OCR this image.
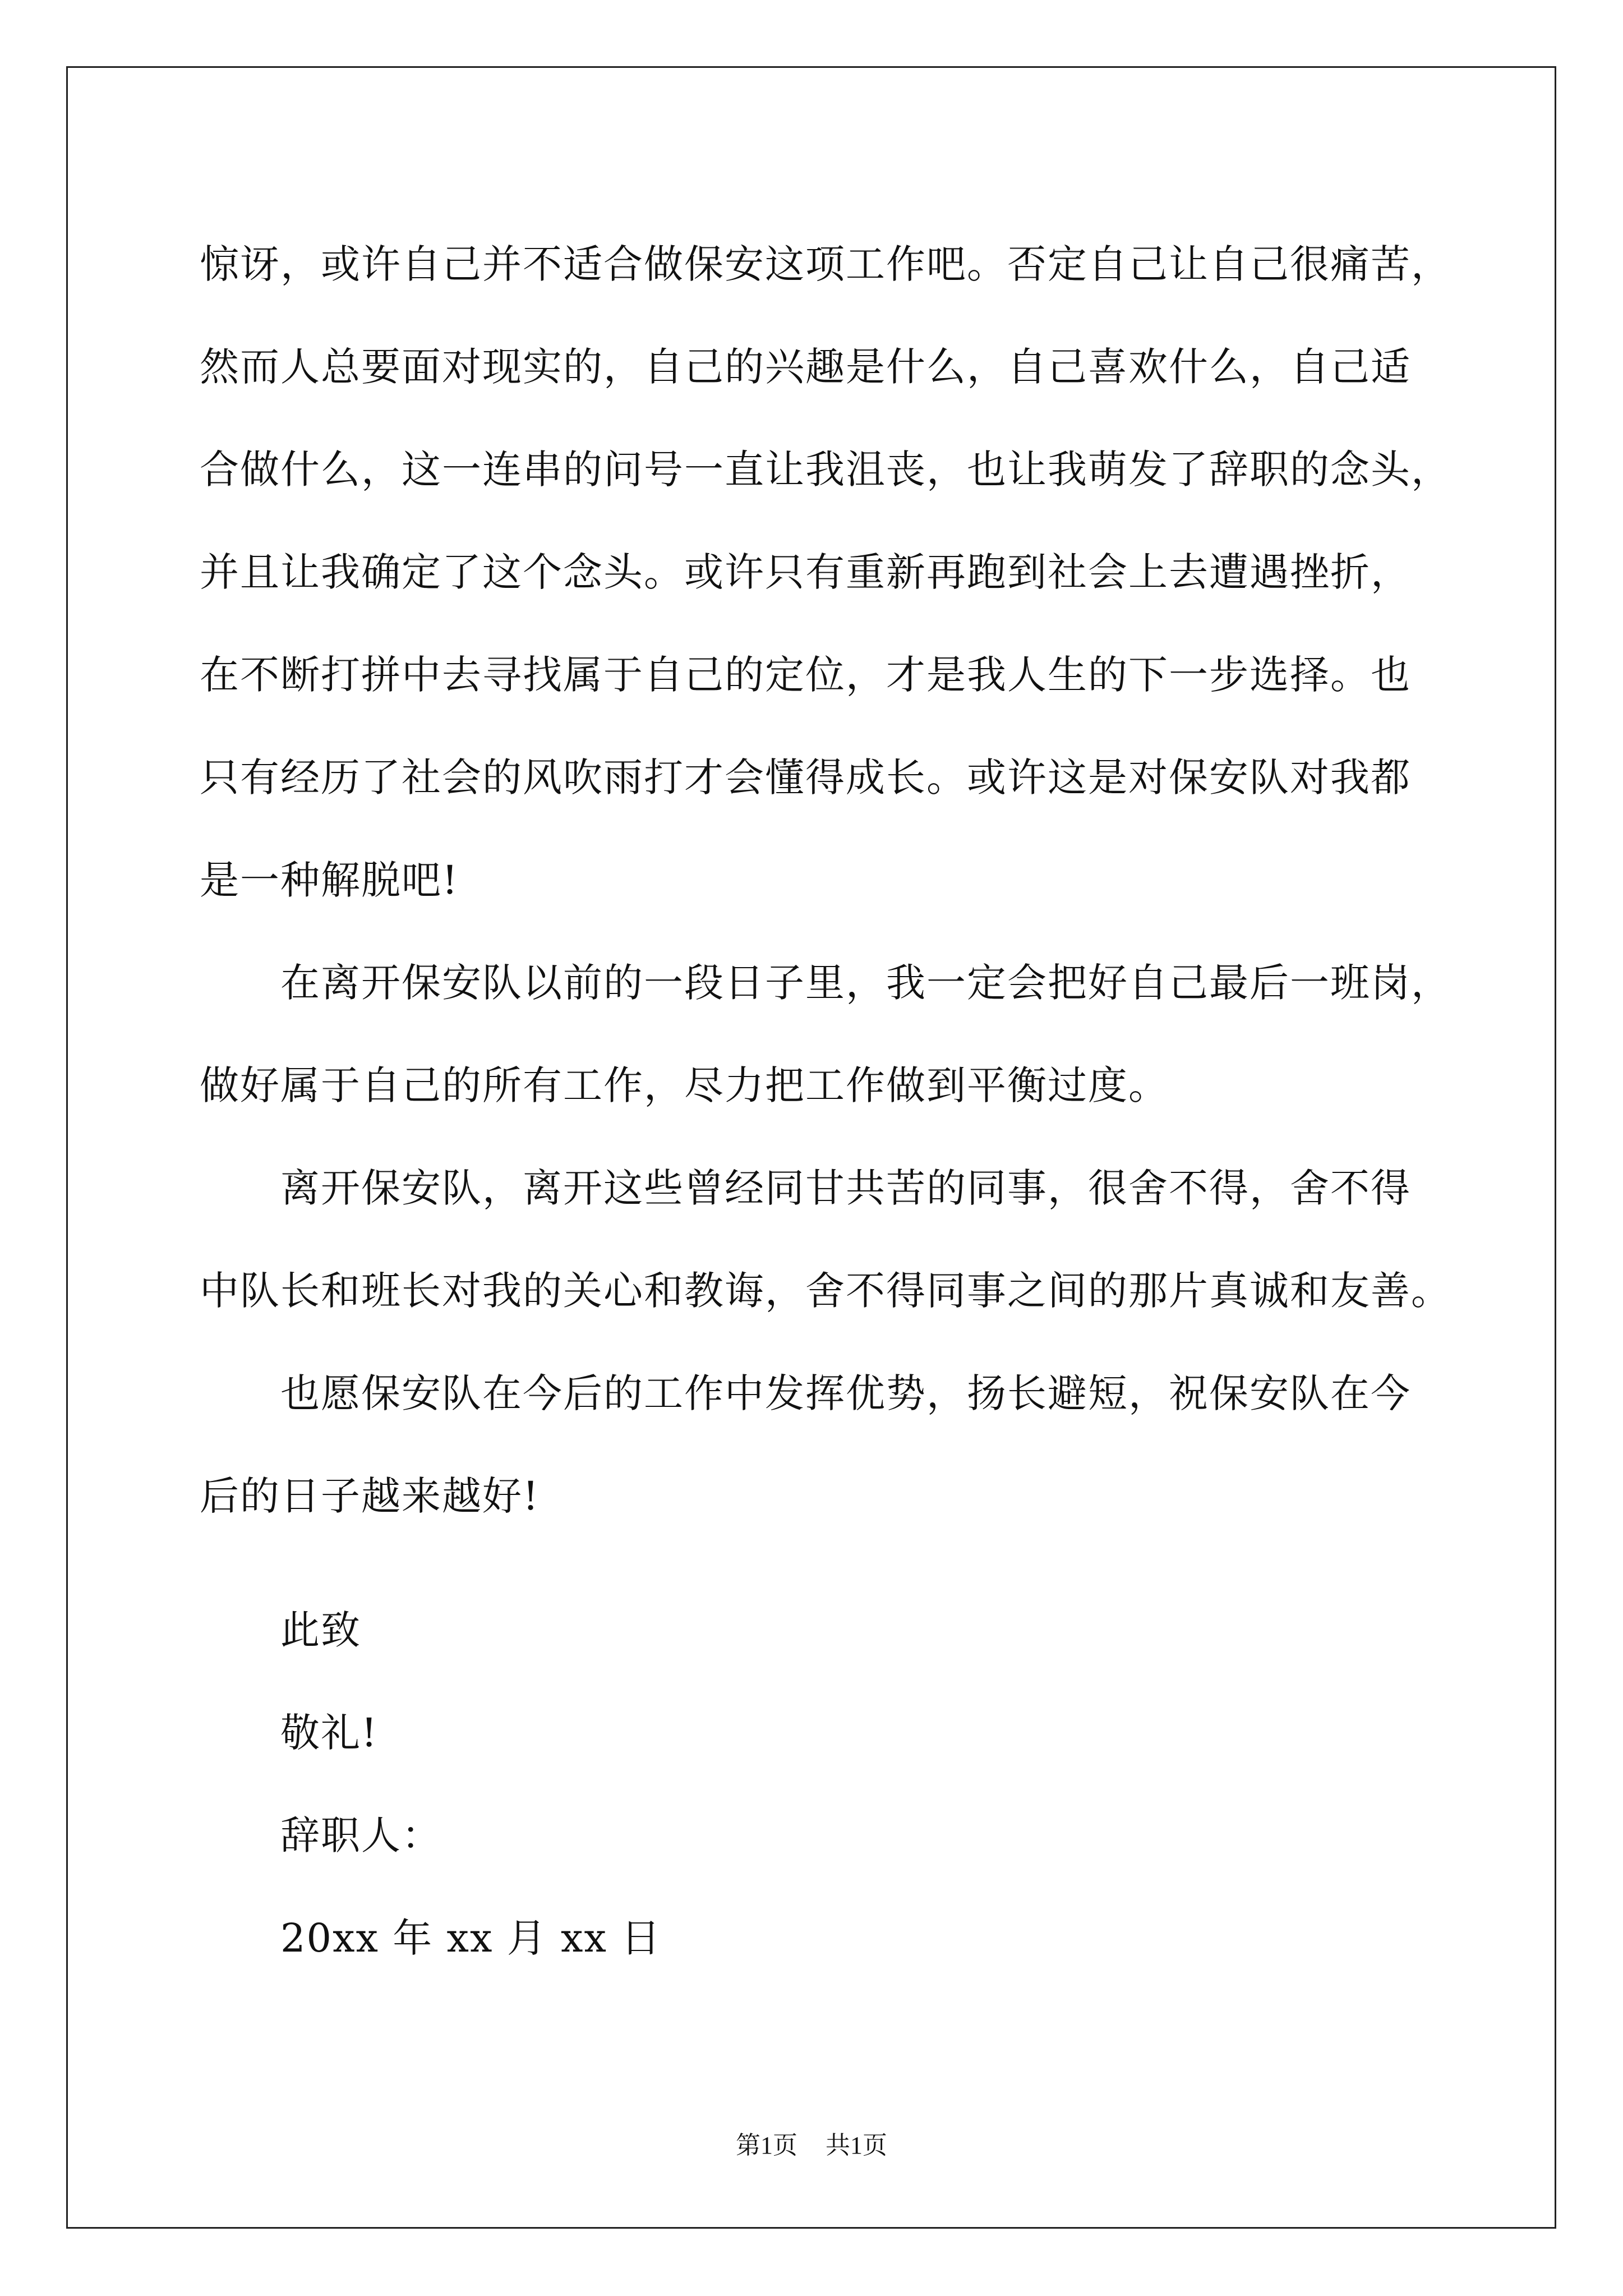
惊讶，或许自己并不适合做保安这项工作吧。否定自己让自己很痛苦，
然而人总要面对现实的，自己的兴趣是什么，自己喜欢什么，自己适
合做什么，这一连串的问号一直让我沮丧，也让我萌发了辞职的念头，
并且让我确定了这个念头。或许只有重新再跑到社会上去遭遇挫折，
在不断打拼中去寻找属于自己的定位，才是我人生的下一步选择。也
只有经历了社会的风吹雨打才会懂得成长。或许这是对保安队对我都
是一种解脱吧!
在离开保安队以前的一段日子里，我一定会把好自己最后一班岗，
做好属于自己的所有工作，尽力把工作做到平衡过度。
离开保安队，离开这些曾经同甘共苦的同事，很舍不得，舍不得
中队长和班长对我的关心和教诲，舍不得同事之间的那片真诚和友善。
也愿保安队在今后的工作中发挥优势，扬长避短，祝保安队在今
后的日子越来越好!
此致
敬礼!
辞职人：
20xx 年 xx 月 xx 日
第1页 共1页
